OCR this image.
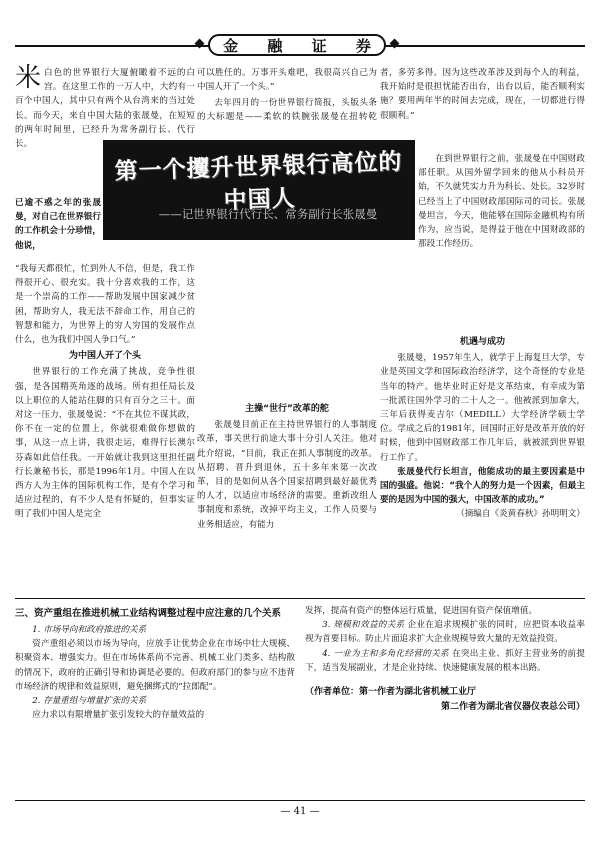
金 融 证 券
米 白色的世界银行大厦俯瞰着不远的白宫。在这里工作的一万人中，大约有一百个中国人，其中只有两个从台湾来的当过处长。而今天，来自中国大陆的张晟曼，在短短的两年时间里，已经升为常务副行长、代行长。
第一个攫升世界银行高位的中国人
——记世界银行代行长、常务副行长张晟曼
已逾不惑之年的张晟曼，对自己在世界银行的工作机会十分珍惜，他说，

“我每天都很忙，忙到外人不信，但是，我工作得很开心、很充实。我十分喜欢我的工作，这是一个崇高的工作——帮助发展中国家减少贫困，帮助穷人，我无法不辞命工作，用自己的智慧和能力，为世界上的穷人穷国的发展作点什么，也为我们中国人争口气。”

为中国人开了个头

世界银行的工作充满了挑战，竞争性很强，是各国精英角逐的战场。所有担任局长及以上职位的人能站住脚的只有百分之三十。面对这一压力，张晟曼说：“不在其位不谋其政，你不在一定的位置上，你就很难做你想做的事，从这一点上讲，我很走运，难得行长澳尔芬森如此信任我。一开始就让我到这里担任副行长兼秘书长，那是1996年1月。中国人在以西方人为主体的国际机构工作，是有个学习和适应过程的，有不少人是有怀疑的，但事实证明了我们中国人是完全

可以胜任的。万事开头难吧，我很高兴自己为中国人开了一个头。”

去年四月的一份世界银行简报，头版头条的大标题是——柔软的铁腕张晟曼在扭转乾

主操“世行”改革的舵

张晟曼目前正在主持世界银行的人事制度改革，事关世行前途大事十分引人关注。他对此介绍说，“目前，我正在抓人事制度的改革。从招聘、晋升到退休，五十多年来第一次改革，目的是如何从各个国家招聘到最好最优秀的人才，以适应市场经济的需要。重新改组人事制度和系统，改掉平均主义，工作人员要与业务相适应，有能力

者，多劳多得。因为这些改革涉及到每个人的利益，我开始时是很担忧能否出台，出台以后，能否顺利实施？要用两年半的时间去完成，现在，一切都进行得很顺利。”

在到世界银行之前，张晟曼在中国财政部任职。从国外留学回来的他从小科员开始，不久就凭实力升为科长、处长。32岁时已经当上了中国财政部国际司的司长。张晟曼坦言，今天，他能够在国际金融机构有所作为，应当说，是得益于他在中国财政部的那段工作经历。

机遇与成功

张晟曼，1957年生人，就学于上海复旦大学，专业是英国文学和国际政治经济学，这个奇怪的专业是当年的特产。他毕业时正好是文革结束，有幸成为第一批派往国外学习的二十人之一。他被派到加拿大，三年后获得麦吉尔（MEDILL）大学经济学硕士学位。学成之后的1981年，回国时正好是改革开放的好时候，他到中国财政部工作几年后，就被派到世界银行工作了。

张晟曼代行长坦言，他能成功的最主要因素是中国的强盛。他说：“我个人的努力是一个因素，但最主要的是因为中国的强大，中国改革的成功。”

（摘编自《炎黄春秋》孙明明文）
三、资产重组在推进机械工业结构调整过程中应注意的几个关系

1. 市场导向和政府推进的关系

资产重组必须以市场为导向，应放手让优势企业在市场中壮大规模、积聚资本、增强实力。但在市场体系尚不完善、机械工业门类多、结构散的情况下，政府的正确引导和协调是必要的。但政府部门的参与应不违背市场经济的规律和效益原则，避免捆绑式的“拉郎配”。

2. 存量重组与增量扩张的关系

应力求以有限增量扩张引发较大的存量效益的

发挥，提高有资产的整体运行质量，促进国有资产保值增值。

3. 规模和效益的关系 企业在追求规模扩张的同时，应把资本收益率视为首要目标。防止片面追求扩大企业规模导致大量的无效益投资。

4. 一业为主和多角化经营的关系 在突出主业、抓好主营业务的前提下，适当发展副业，才是企业持续、快速健康发展的根本出路。

（作者单位：第一作者为湖北省机械工业厅
第二作者为湖北省仪器仪表总公司）
— 41 —
